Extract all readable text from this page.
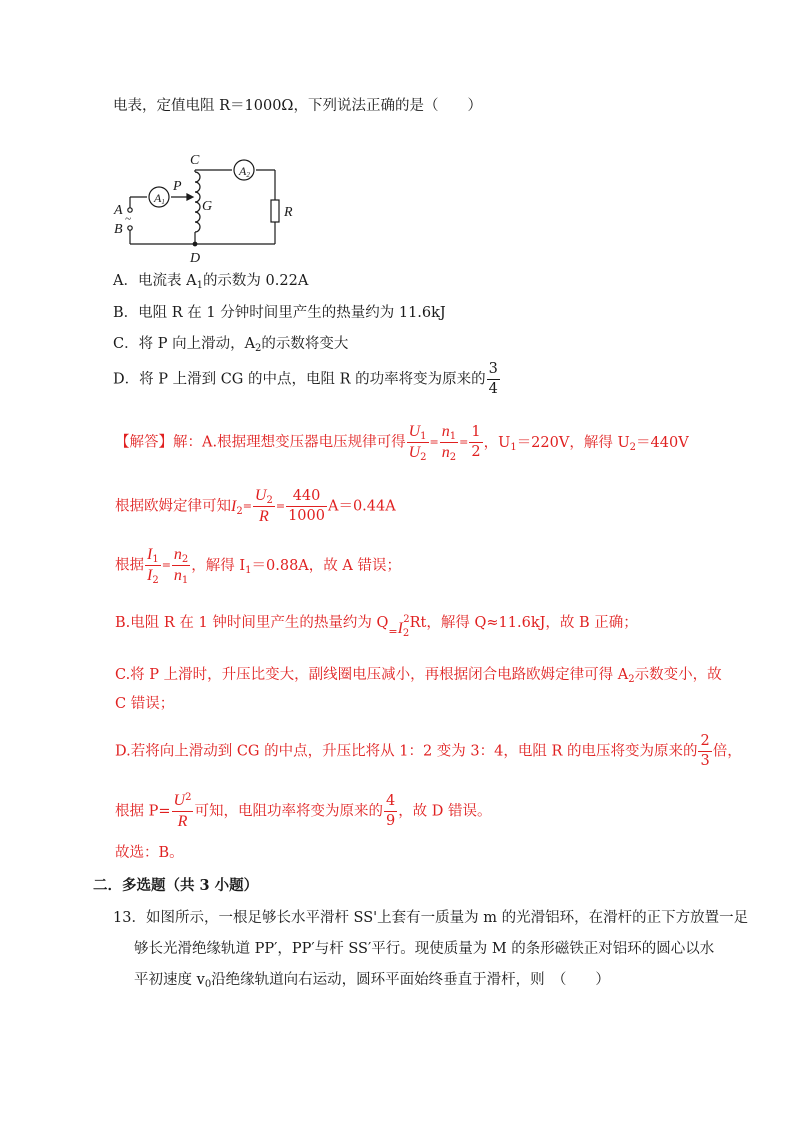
电表，定值电阻 R＝1000Ω，下列说法正确的是（　　）
A1
A2
C
P
G
A
~
B
D
R
A．电流表 $A_1$的示数为 0.22A
B．电阻 R 在 1 分钟时间里产生的热量约为 11.6kJ
C．将 P 向上滑动，$A_2$的示数将变大
D．将 P 上滑到 CG 的中点，电阻 R 的功率将变为原来的 $\frac{3}{4}$
【解答】解：A.根据理想变压器电压规律可得 $\frac{U_1}{U_2} = \frac{n_1}{n_2} = \frac{1}{2}$ ，$U_1=220V$，解得 $U_2=440V$
根据欧姆定律可知$I_2= \frac{U_2}{R} = \frac{440}{1000} A=0.44A$
根据 $\frac{I_1}{I_2} = \frac{n_2}{n_1}$ ，解得 $I_1=0.88A$，故 A 错误；
B.电阻 R 在 1 钟时间里产生的热量约为 $Q_=I_2^2Rt$，解得 Q≈11.6kJ，故 B 正确；
C.将 P 上滑时，升压比变大，副线圈电压减小，再根据闭合电路欧姆定律可得 $A_2$示数变小，故
C 错误；
D.若将向上滑动到 CG 的中点，升压比将从 1：2 变为 3：4，电阻 R 的电压将变为原来的 $\frac{2}{3}$ 倍，
根据 $P= \frac{U^2}{R}$ 可知，电阻功率将变为原来的 $\frac{4}{9}$ ，故 D 错误。
故选：B。
二．多选题（共 3 小题）
13．如图所示，一根足够长水平滑杆 SS'上套有一质量为 m 的光滑铝环，在滑杆的正下方放置一足
够长光滑绝缘轨道 PP′，PP′与杆 SS′平行。现使质量为 M 的条形磁铁正对铝环的圆心以水
平初速度 $v_0$沿绝缘轨道向右运动，圆环平面始终垂直于滑杆，则　（　　）
